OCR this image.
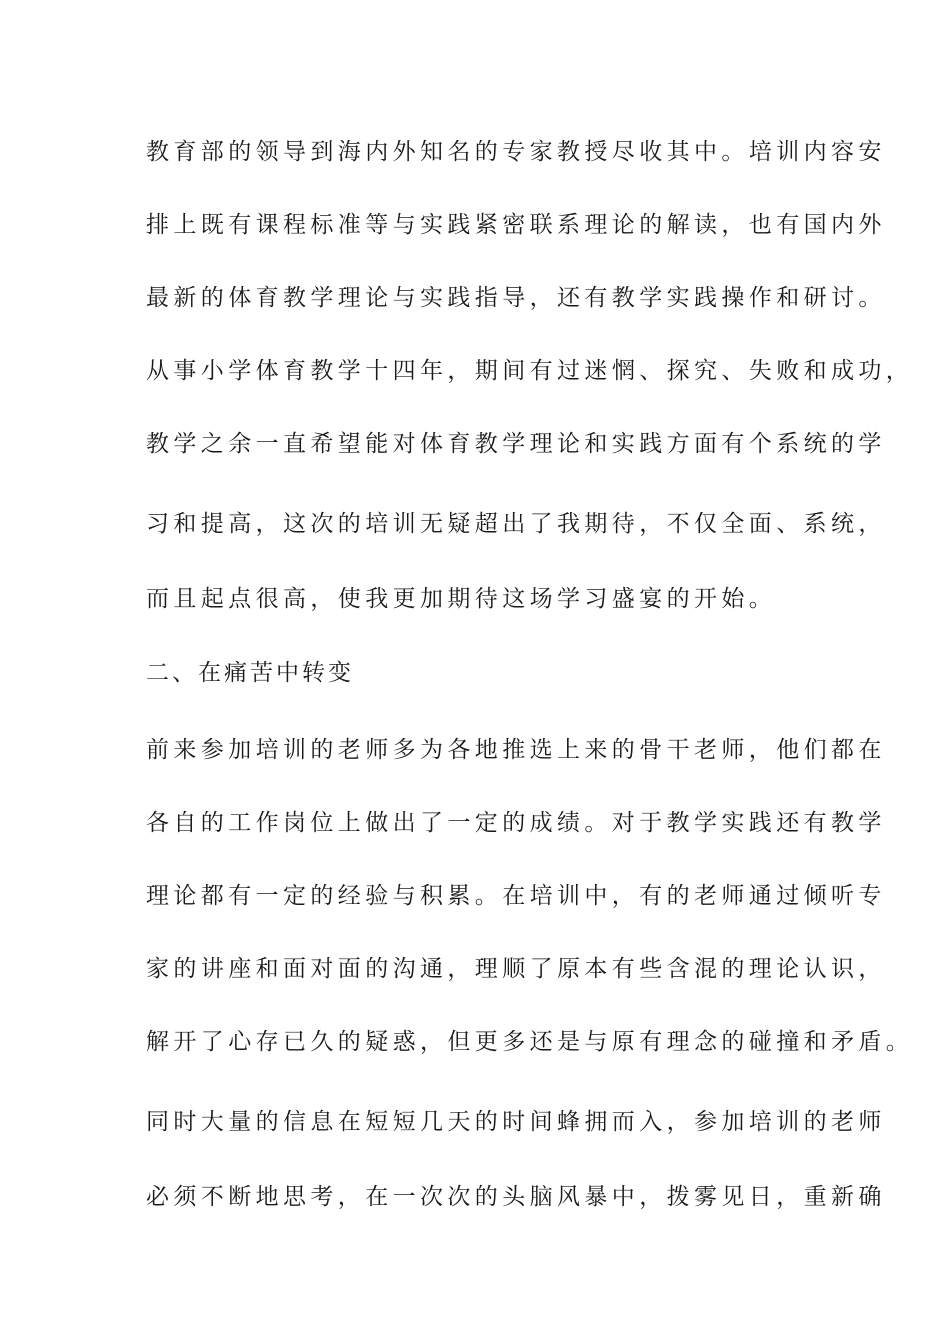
教育部的领导到海内外知名的专家教授尽收其中。培训内容安
排上既有课程标准等与实践紧密联系理论的解读，也有国内外
最新的体育教学理论与实践指导，还有教学实践操作和研讨。
从事小学体育教学十四年，期间有过迷惘、探究、失败和成功，
教学之余一直希望能对体育教学理论和实践方面有个系统的学
习和提高，这次的培训无疑超出了我期待，不仅全面、系统，
而且起点很高，使我更加期待这场学习盛宴的开始。
二、在痛苦中转变
前来参加培训的老师多为各地推选上来的骨干老师，他们都在
各自的工作岗位上做出了一定的成绩。对于教学实践还有教学
理论都有一定的经验与积累。在培训中，有的老师通过倾听专
家的讲座和面对面的沟通，理顺了原本有些含混的理论认识，
解开了心存已久的疑惑，但更多还是与原有理念的碰撞和矛盾。
同时大量的信息在短短几天的时间蜂拥而入，参加培训的老师
必须不断地思考，在一次次的头脑风暴中，拨雾见日，重新确
